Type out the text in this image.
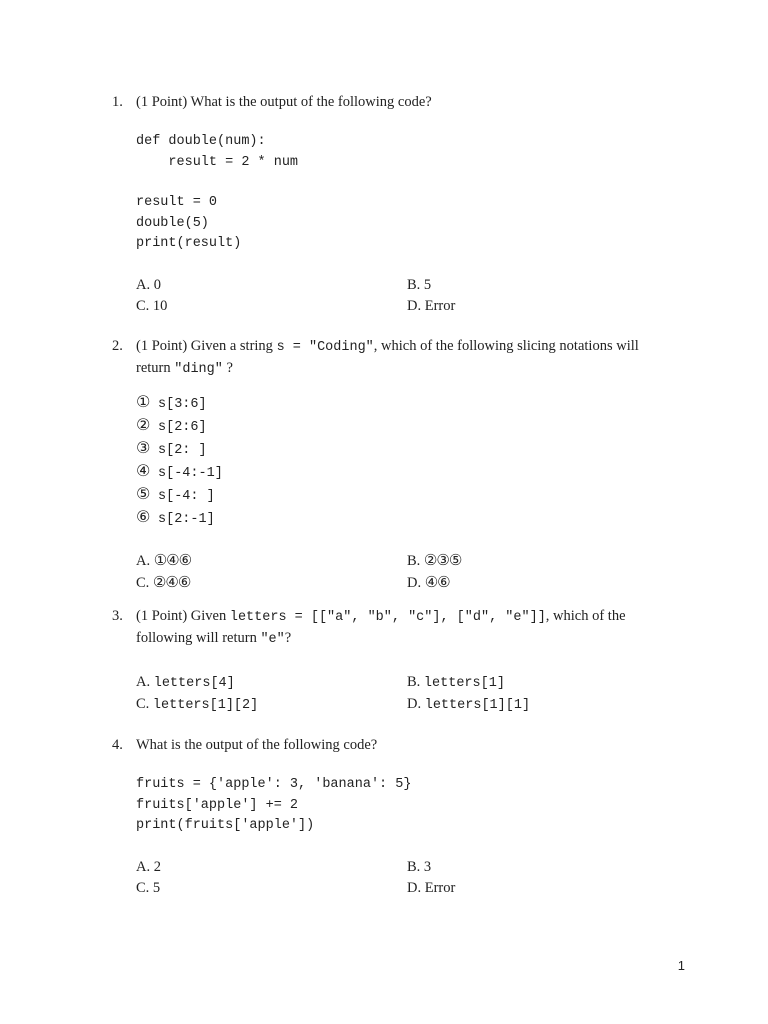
1. (1 Point) What is the output of the following code?
def double(num):
result = 2 * num
result = 0
double(5)
print(result)
A. 0	B. 5
C. 10	D. Error
2. (1 Point) Given a string s = "Coding", which of the following slicing notations will
return "ding" ?
① s[3:6]
② s[2:6]
③ s[2: ]
④ s[-4:-1]
⑤ s[-4: ]
⑥ s[2:-1]
A. ①④⑥	B. ②③⑤
C. ②④⑥	D. ④⑥
3. (1 Point) Given letters = [["a", "b", "c"], ["d", "e"]], which of the
following will return "e"?
A. letters[4]	B. letters[1]
C. letters[1][2]	D. letters[1][1]
4. What is the output of the following code?
fruits = {'apple': 3, 'banana': 5}
fruits['apple'] += 2
print(fruits['apple'])
A. 2	B. 3
C. 5	D. Error
1
